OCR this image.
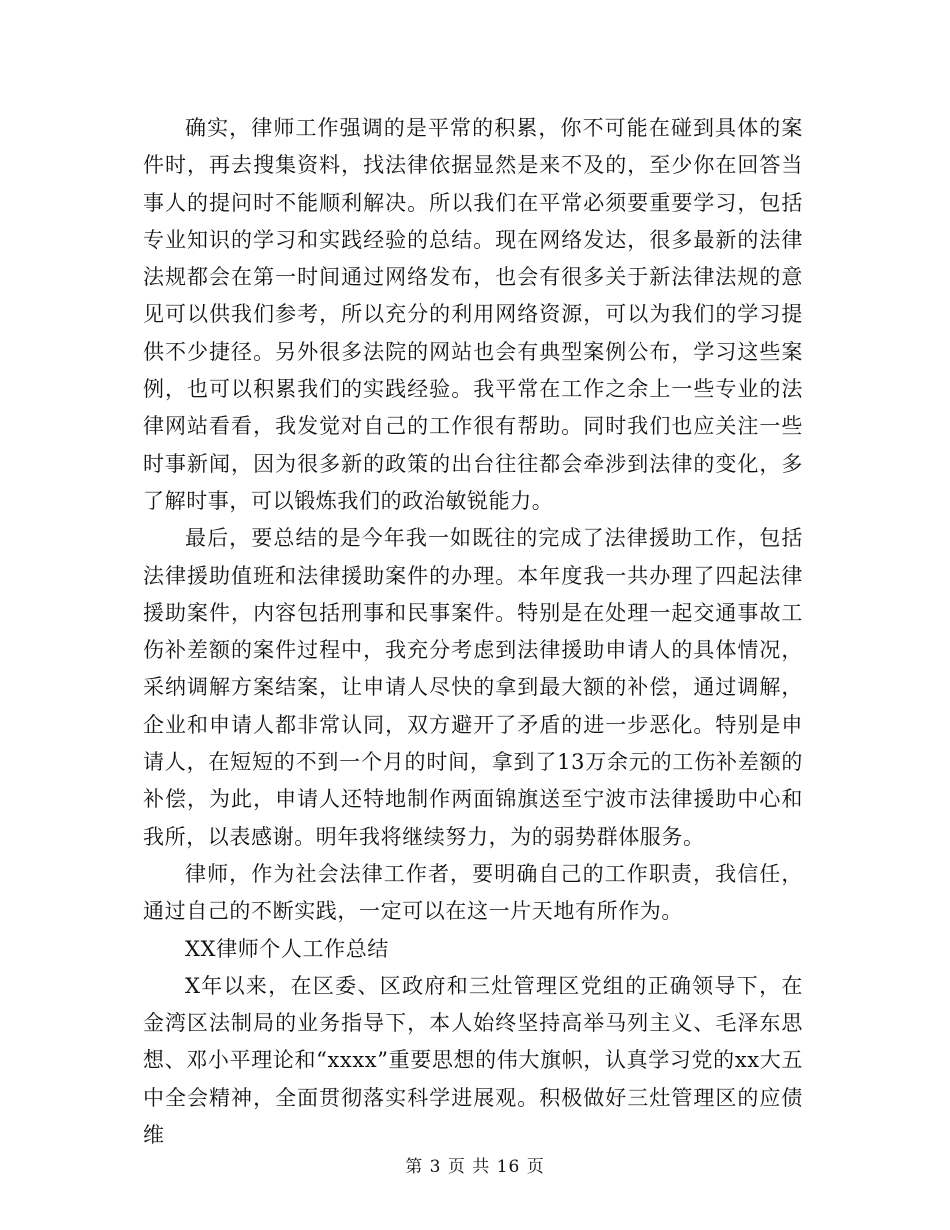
确实，律师工作强调的是平常的积累，你不可能在碰到具体的案件时，再去搜集资料，找法律依据显然是来不及的，至少你在回答当事人的提问时不能顺利解决。所以我们在平常必须要重要学习，包括专业知识的学习和实践经验的总结。现在网络发达，很多最新的法律法规都会在第一时间通过网络发布，也会有很多关于新法律法规的意见可以供我们参考，所以充分的利用网络资源，可以为我们的学习提供不少捷径。另外很多法院的网站也会有典型案例公布，学习这些案例，也可以积累我们的实践经验。我平常在工作之余上一些专业的法律网站看看，我发觉对自己的工作很有帮助。同时我们也应关注一些时事新闻，因为很多新的政策的出台往往都会牵涉到法律的变化，多了解时事，可以锻炼我们的政治敏锐能力。

最后，要总结的是今年我一如既往的完成了法律援助工作，包括法律援助值班和法律援助案件的办理。本年度我一共办理了四起法律援助案件，内容包括刑事和民事案件。特别是在处理一起交通事故工伤补差额的案件过程中，我充分考虑到法律援助申请人的具体情况，采纳调解方案结案，让申请人尽快的拿到最大额的补偿，通过调解，企业和申请人都非常认同，双方避开了矛盾的进一步恶化。特别是申请人，在短短的不到一个月的时间，拿到了13万余元的工伤补差额的补偿，为此，申请人还特地制作两面锦旗送至宁波市法律援助中心和我所，以表感谢。明年我将继续努力，为的弱势群体服务。

律师，作为社会法律工作者，要明确自己的工作职责，我信任，通过自己的不断实践，一定可以在这一片天地有所作为。

XX律师个人工作总结

X年以来，在区委、区政府和三灶管理区党组的正确领导下，在金湾区法制局的业务指导下，本人始终坚持高举马列主义、毛泽东思想、邓小平理论和“xxxx”重要思想的伟大旗帜，认真学习党的xx大五中全会精神，全面贯彻落实科学进展观。积极做好三灶管理区的应债维

第 3 页 共 16 页
